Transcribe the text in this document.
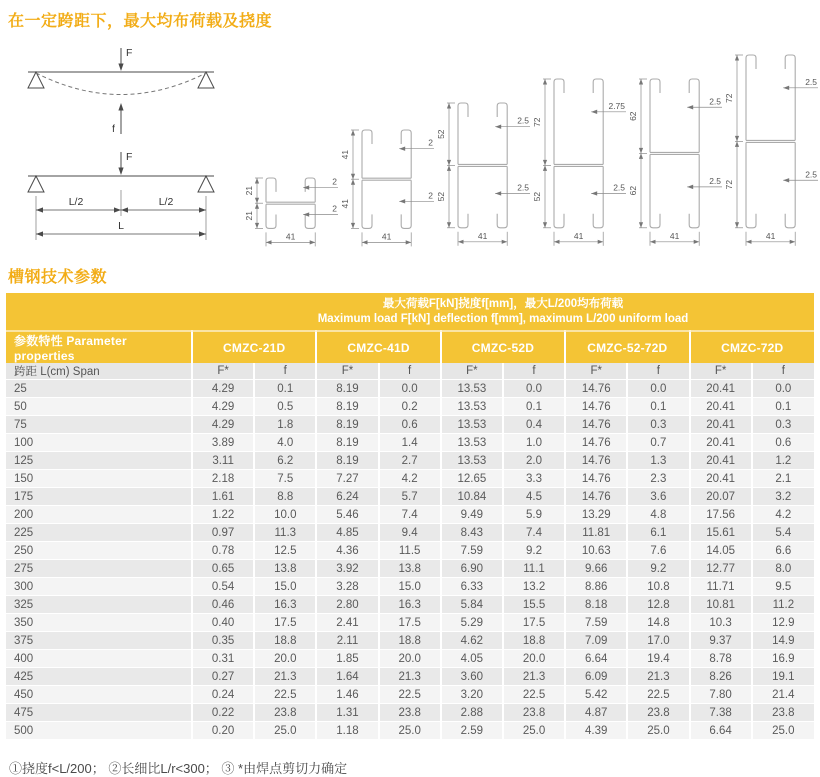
在一定跨距下，最大均布荷载及挠度
F
f
F
L/2	L/2
L
21
21
41
2
2
41
41
41
2
2
52
52
41
2.5
2.5
72
52
41
2.75
2.5
62
62
41
2.5
2.5
72
72
41
2.5
2.5
槽钢技术参数
最大荷载F[kN]挠度f[mm]，最大L/200均布荷载
Maximum load F[kN] deflection f[mm], maximum L/200 uniform load										

参数特性 Parameter properties	CMZC-21D		CMZC-41D		CMZC-52D		CMZC-52-72D		CMZC-72D	
跨距 L(cm) Span	F*	f	F*	f	F*	f	F*	f	F*	f
25	4.29	0.1	8.19	0.0	13.53	0.0	14.76	0.0	20.41	0.0
50	4.29	0.5	8.19	0.2	13.53	0.1	14.76	0.1	20.41	0.1
75	4.29	1.8	8.19	0.6	13.53	0.4	14.76	0.3	20.41	0.3
100	3.89	4.0	8.19	1.4	13.53	1.0	14.76	0.7	20.41	0.6
125	3.11	6.2	8.19	2.7	13.53	2.0	14.76	1.3	20.41	1.2
150	2.18	7.5	7.27	4.2	12.65	3.3	14.76	2.3	20.41	2.1
175	1.61	8.8	6.24	5.7	10.84	4.5	14.76	3.6	20.07	3.2
200	1.22	10.0	5.46	7.4	9.49	5.9	13.29	4.8	17.56	4.2
225	0.97	11.3	4.85	9.4	8.43	7.4	11.81	6.1	15.61	5.4
250	0.78	12.5	4.36	11.5	7.59	9.2	10.63	7.6	14.05	6.6
275	0.65	13.8	3.92	13.8	6.90	11.1	9.66	9.2	12.77	8.0
300	0.54	15.0	3.28	15.0	6.33	13.2	8.86	10.8	11.71	9.5
325	0.46	16.3	2.80	16.3	5.84	15.5	8.18	12.8	10.81	11.2
350	0.40	17.5	2.41	17.5	5.29	17.5	7.59	14.8	10.3	12.9
375	0.35	18.8	2.11	18.8	4.62	18.8	7.09	17.0	9.37	14.9
400	0.31	20.0	1.85	20.0	4.05	20.0	6.64	19.4	8.78	16.9
425	0.27	21.3	1.64	21.3	3.60	21.3	6.09	21.3	8.26	19.1
450	0.24	22.5	1.46	22.5	3.20	22.5	5.42	22.5	7.80	21.4
475	0.22	23.8	1.31	23.8	2.88	23.8	4.87	23.8	7.38	23.8
500	0.20	25.0	1.18	25.0	2.59	25.0	4.39	25.0	6.64	25.0
①挠度f<L/200； ②长细比L/r<300； ③ *由焊点剪切力确定
